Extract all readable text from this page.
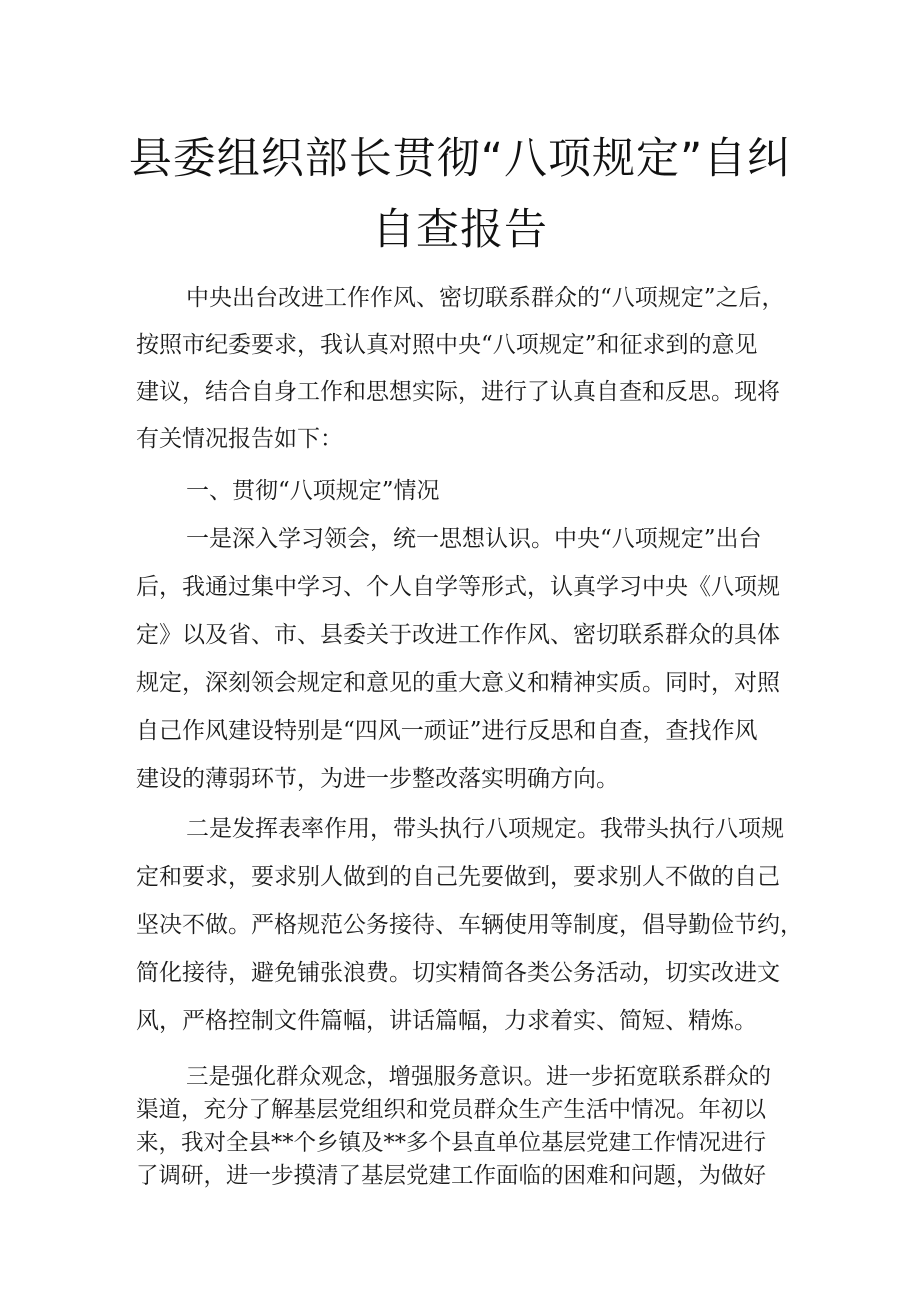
县委组织部长贯彻“八项规定”自纠
自查报告

中央出台改进工作作风、密切联系群众的“八项规定”之后，

按照市纪委要求，我认真对照中央“八项规定”和征求到的意见

建议，结合自身工作和思想实际，进行了认真自查和反思。现将

有关情况报告如下：

一、贯彻“八项规定”情况

一是深入学习领会，统一思想认识。中央“八项规定”出台

后，我通过集中学习、个人自学等形式，认真学习中央《八项规

定》以及省、市、县委关于改进工作作风、密切联系群众的具体

规定，深刻领会规定和意见的重大意义和精神实质。同时，对照

自己作风建设特别是“四风一顽证”进行反思和自查，查找作风

建设的薄弱环节，为进一步整改落实明确方向。

二是发挥表率作用，带头执行八项规定。我带头执行八项规

定和要求，要求别人做到的自己先要做到，要求别人不做的自己

坚决不做。严格规范公务接待、车辆使用等制度，倡导勤俭节约，

简化接待，避免铺张浪费。切实精简各类公务活动，切实改进文

风，严格控制文件篇幅，讲话篇幅，力求着实、简短、精炼。

三是强化群众观念，增强服务意识。进一步拓宽联系群众的

渠道，充分了解基层党组织和党员群众生产生活中情况。年初以

来，我对全县**个乡镇及**多个县直单位基层党建工作情况进行

了调研，进一步摸清了基层党建工作面临的困难和问题，为做好
